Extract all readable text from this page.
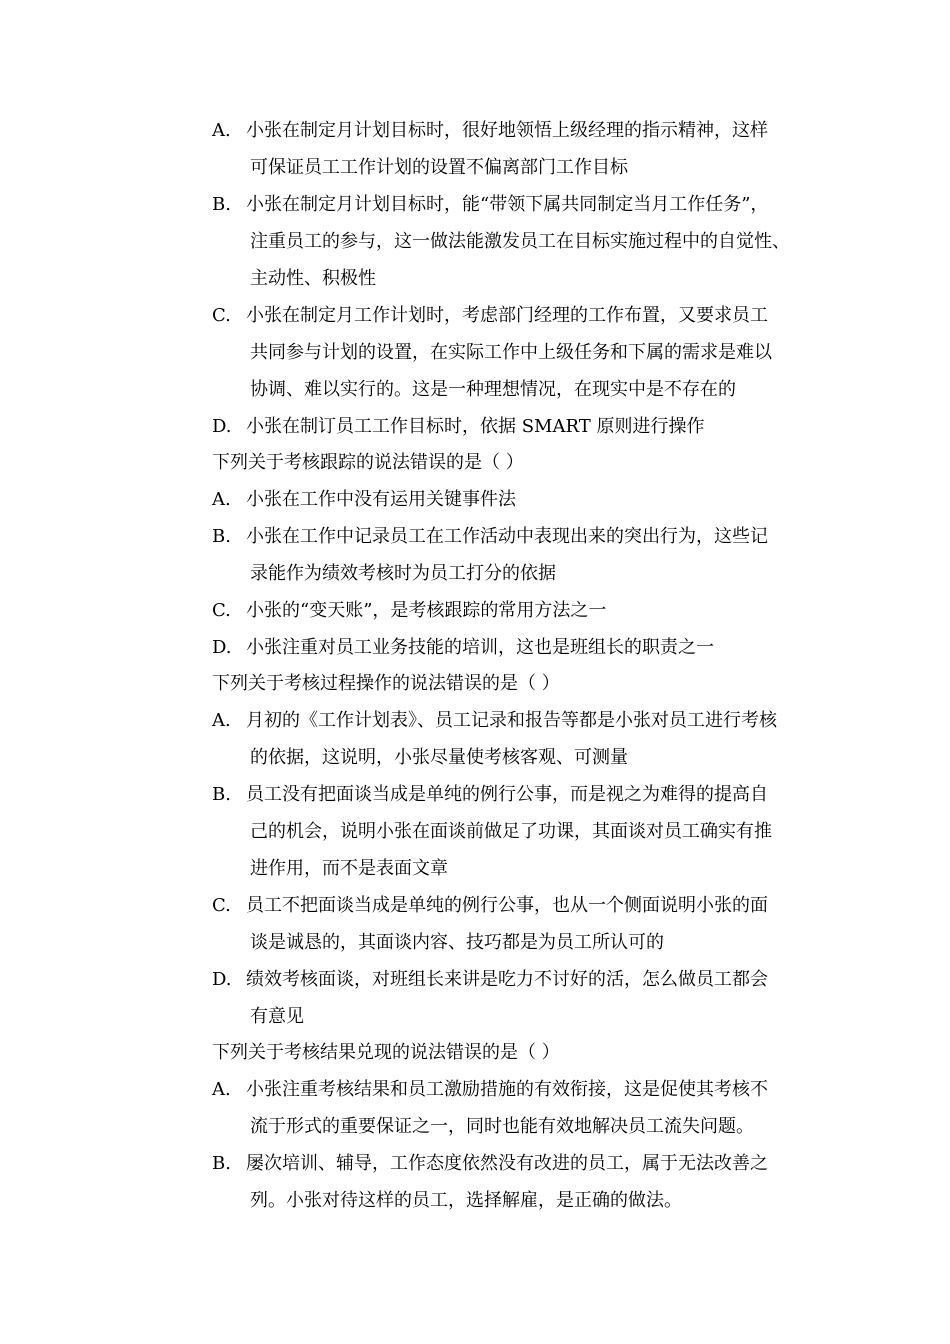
A. 小张在制定月计划目标时，很好地领悟上级经理的指示精神，这样
可保证员工工作计划的设置不偏离部门工作目标
B. 小张在制定月计划目标时，能“带领下属共同制定当月工作任务”，
注重员工的参与，这一做法能激发员工在目标实施过程中的自觉性、
主动性、积极性
C. 小张在制定月工作计划时，考虑部门经理的工作布置，又要求员工
共同参与计划的设置，在实际工作中上级任务和下属的需求是难以
协调、难以实行的。这是一种理想情况，在现实中是不存在的
D. 小张在制订员工工作目标时，依据 SMART 原则进行操作
下列关于考核跟踪的说法错误的是（ ）
A. 小张在工作中没有运用关键事件法
B. 小张在工作中记录员工在工作活动中表现出来的突出行为，这些记
录能作为绩效考核时为员工打分的依据
C. 小张的“变天账”，是考核跟踪的常用方法之一
D. 小张注重对员工业务技能的培训，这也是班组长的职责之一
下列关于考核过程操作的说法错误的是（ ）
A. 月初的《工作计划表》、员工记录和报告等都是小张对员工进行考核
的依据，这说明，小张尽量使考核客观、可测量
B. 员工没有把面谈当成是单纯的例行公事，而是视之为难得的提高自
己的机会，说明小张在面谈前做足了功课，其面谈对员工确实有推
进作用，而不是表面文章
C. 员工不把面谈当成是单纯的例行公事，也从一个侧面说明小张的面
谈是诚恳的，其面谈内容、技巧都是为员工所认可的
D. 绩效考核面谈，对班组长来讲是吃力不讨好的活，怎么做员工都会
有意见
下列关于考核结果兑现的说法错误的是（ ）
A. 小张注重考核结果和员工激励措施的有效衔接，这是促使其考核不
流于形式的重要保证之一，同时也能有效地解决员工流失问题。
B. 屡次培训、辅导，工作态度依然没有改进的员工，属于无法改善之
列。小张对待这样的员工，选择解雇，是正确的做法。
